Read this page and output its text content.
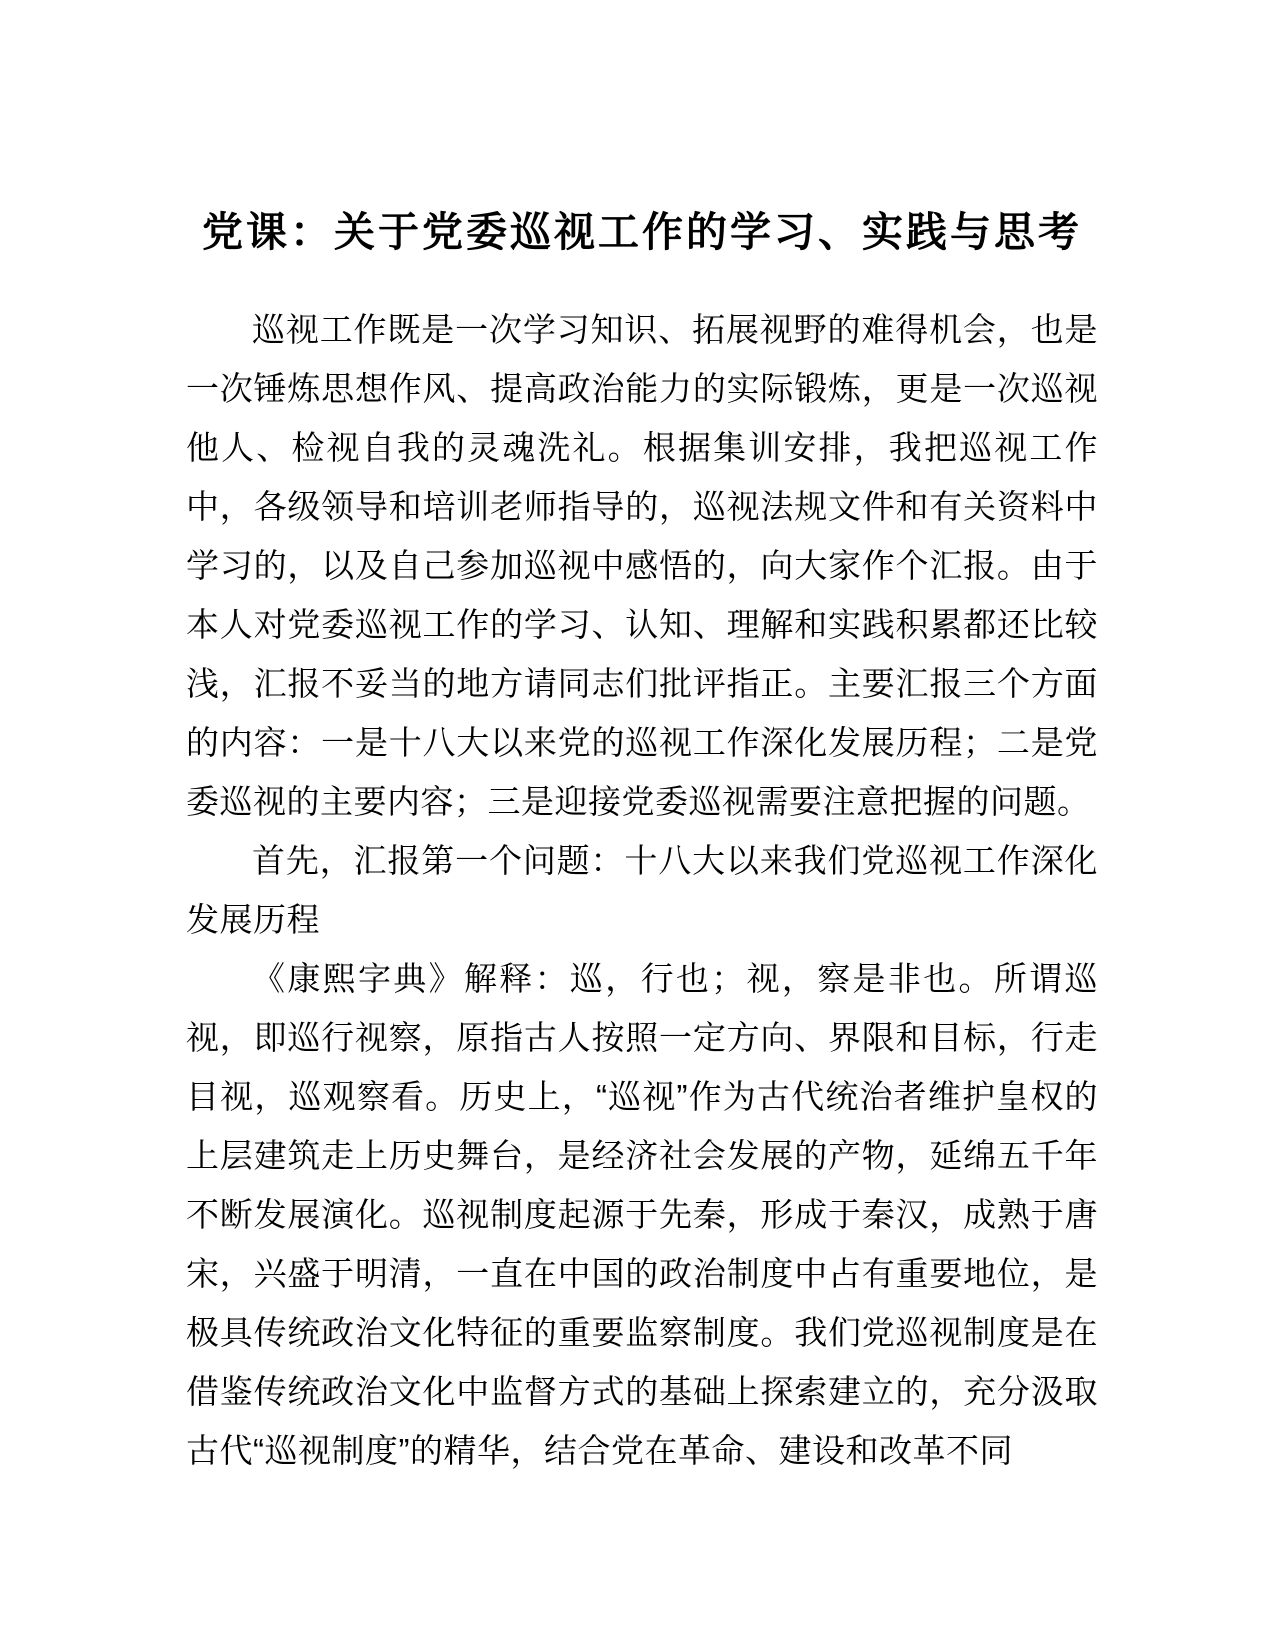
党课：关于党委巡视工作的学习、实践与思考

巡视工作既是一次学习知识、拓展视野的难得机会，也是一次锤炼思想作风、提高政治能力的实际锻炼，更是一次巡视他人、检视自我的灵魂洗礼。根据集训安排，我把巡视工作中，各级领导和培训老师指导的，巡视法规文件和有关资料中学习的，以及自己参加巡视中感悟的，向大家作个汇报。由于本人对党委巡视工作的学习、认知、理解和实践积累都还比较浅，汇报不妥当的地方请同志们批评指正。主要汇报三个方面的内容：一是十八大以来党的巡视工作深化发展历程；二是党委巡视的主要内容；三是迎接党委巡视需要注意把握的问题。

首先，汇报第一个问题：十八大以来我们党巡视工作深化发展历程

《康熙字典》解释：巡，行也；视，察是非也。所谓巡视，即巡行视察，原指古人按照一定方向、界限和目标，行走目视，巡观察看。历史上，“巡视”作为古代统治者维护皇权的上层建筑走上历史舞台，是经济社会发展的产物，延绵五千年不断发展演化。巡视制度起源于先秦，形成于秦汉，成熟于唐宋，兴盛于明清，一直在中国的政治制度中占有重要地位，是极具传统政治文化特征的重要监察制度。我们党巡视制度是在借鉴传统政治文化中监督方式的基础上探索建立的，充分汲取古代“巡视制度”的精华，结合党在革命、建设和改革不同
